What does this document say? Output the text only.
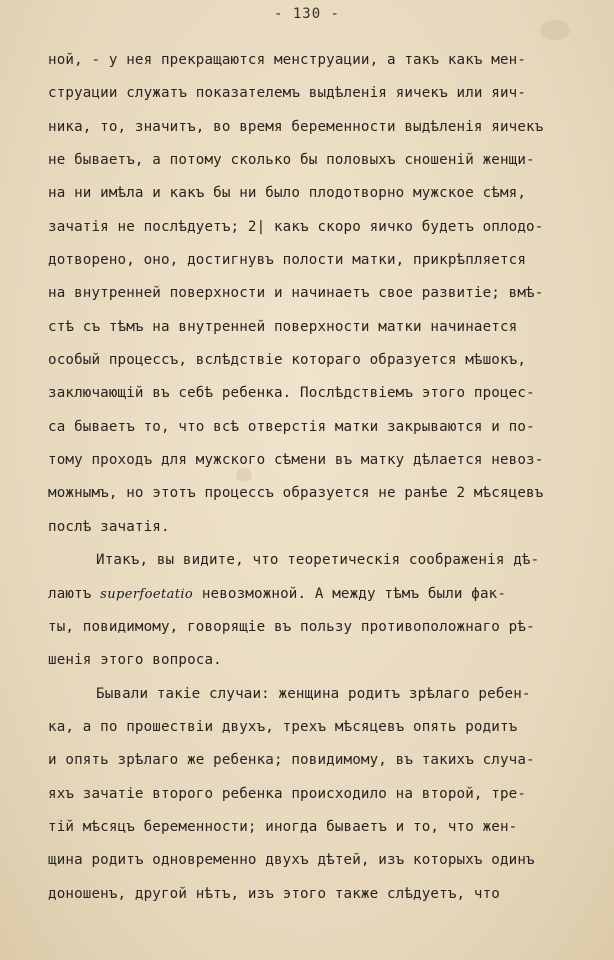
- 130 -
ной, - у нея прекращаются менструации, а такъ какъ мен-
струации служатъ показателемъ выдѣленія яичекъ или яич-
ника, то, значитъ, во время беременности выдѣленія яичекъ
не бываетъ, а потому сколько бы половыхъ сношеній женщи-
на ни имѣла и какъ бы ни было плодотворно мужское сѣмя,
зачатія не послѣдуетъ; 2| какъ скоро яичко будетъ оплодо-
дотворено, оно, достигнувъ полости матки, прикрѣпляется
на внутренней поверхности и начинаетъ свое развитіе; вмѣ-
стѣ съ тѣмъ на внутренней поверхности матки начинается
особый процессъ, вслѣдствіе котораго образуется мѣшокъ,
заключающій въ себѣ ребенка. Послѣдствіемъ этого процес-
са бываетъ то, что всѣ отверстія матки закрываются и по-
тому проходъ для мужского сѣмени въ матку дѣлается невоз-
можнымъ, но этотъ процессъ образуется не ранѣе 2 мѣсяцевъ
послѣ зачатія.
Итакъ, вы видите, что теоретическія соображенія дѣ-
лаютъ superfoetatio невозможной. А между тѣмъ были фак-
ты, повидимому, говорящіе въ пользу противоположнаго рѣ-
шенія этого вопроса.
Бывали такіе случаи: женщина родитъ зрѣлаго ребен-
ка, а по прошествіи двухъ, трехъ мѣсяцевъ опять родитъ
и опять зрѣлаго же ребенка; повидимому, въ такихъ случа-
яхъ зачатіе второго ребенка происходило на второй, тре-
тій мѣсяцъ беременности; иногда бываетъ и то, что жен-
щина родитъ одновременно двухъ дѣтей, изъ которыхъ одинъ
доношенъ, другой нѣтъ, изъ этого также слѣдуетъ, что
